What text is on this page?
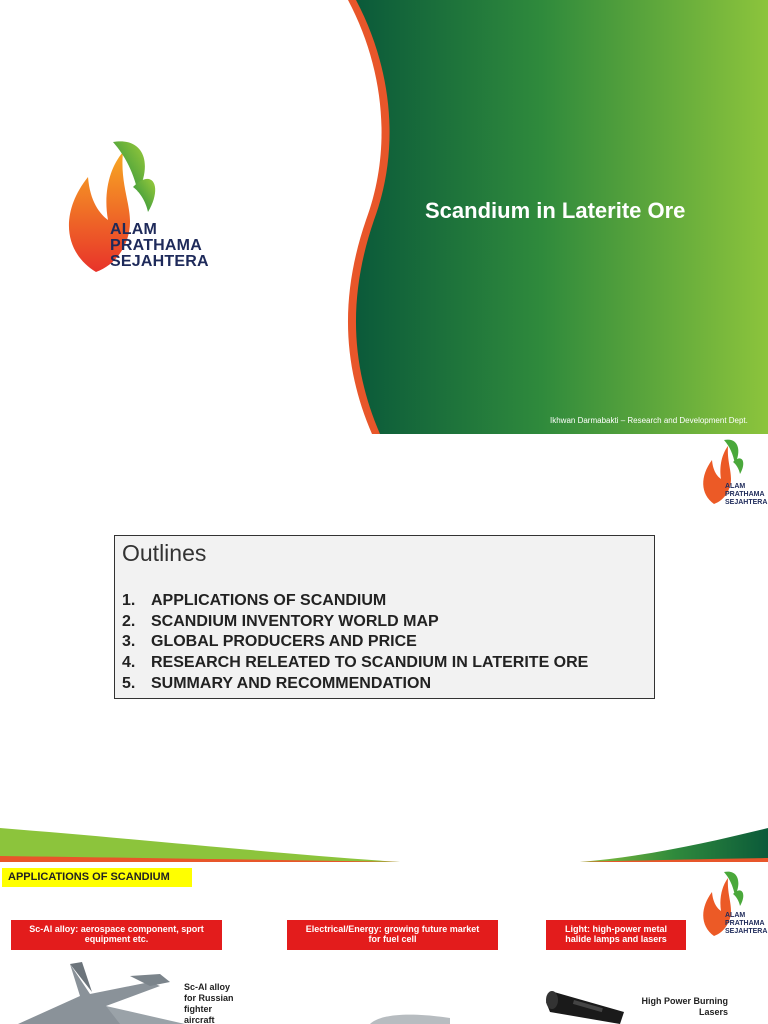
ALAM
PRATHAMA
SEJAHTERA
Scandium in Laterite Ore
Ikhwan Darmabakti – Research and Development Dept.
ALAM
PRATHAMA
SEJAHTERA
Outlines
1. APPLICATIONS OF SCANDIUM
2. SCANDIUM INVENTORY WORLD MAP
3. GLOBAL PRODUCERS AND PRICE
4. RESEARCH RELEATED TO SCANDIUM IN LATERITE ORE
5. SUMMARY AND RECOMMENDATION
APPLICATIONS OF SCANDIUM
ALAM
PRATHAMA
SEJAHTERA
Sc-Al alloy: aerospace component, sport
equipment etc.
Electrical/Energy: growing future market
for fuel cell
Light: high-power metal
halide lamps and lasers
Sc-Al alloy
for Russian
fighter
aircraft
High Power Burning
Lasers
